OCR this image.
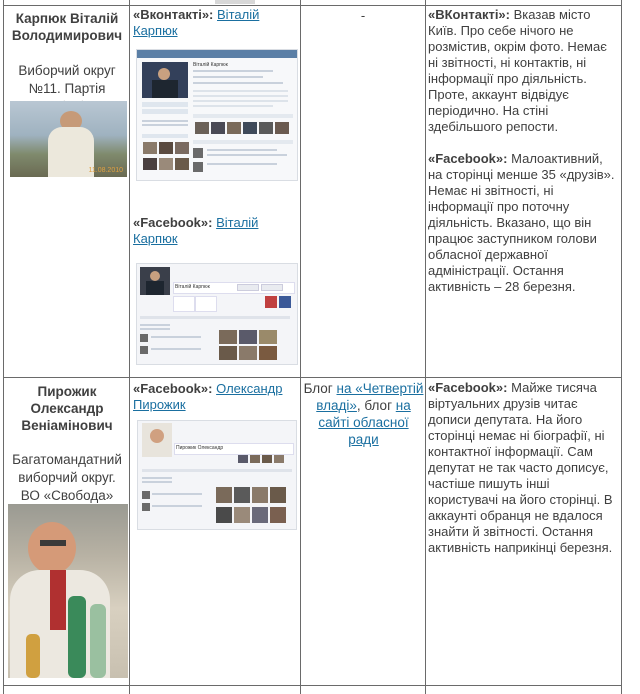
Карпюк Віталій Володимирович
Виборчий округ №11. Партія
11.08.2010
«Вконтакті»: Віталій Карпюк
Віталій Карпюк
«Facebook»: Віталій Карпюк
Віталій Карпюк
-	«ВКонтакті»: Вказав місто Київ. Про себе нічого не розмістив, окрім фото. Немає ні звітності, ні контактів, ні інформації про діяльність. Проте, аккаунт відвідує періодично. На стіні здебільшого репости.
«Facebook»: Малоактивний, на сторінці менше 35 «друзів». Немає ні звітності, ні інформації про поточну діяльність. Вказано, що він працює заступником голови обласної державної адміністрації. Остання активність – 28 березня.
Пирожик Олександр Веніамінович
Багатомандатний виборчий округ. ВО «Свобода»
«Facebook»: Олександр Пирожик
Пирожик Олександр
Блог на «Четвертій владі», блог на сайті обласної ради
«Facebook»: Майже тисяча віртуальних друзів читає дописи депутата. На його сторінці немає ні біографії, ні контактної інформації. Сам депутат не так часто дописує, частіше пишуть інші користувачі на його сторінці. В аккаунті обранця не вдалося знайти й звітності. Остання активність наприкінці березня.
